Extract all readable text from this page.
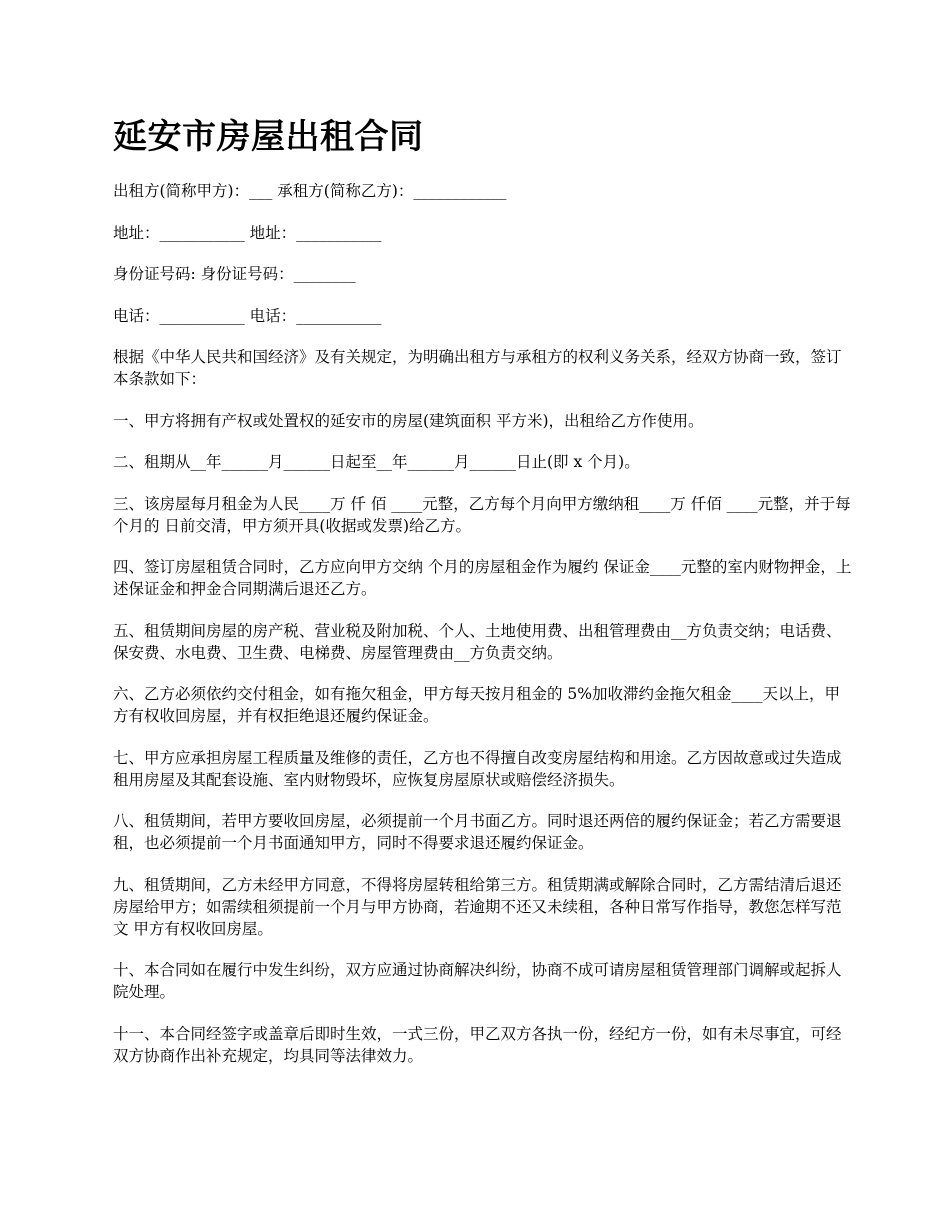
延安市房屋出租合同

出租方(简称甲方)：___ 承租方(简称乙方)：____________

地址：___________ 地址：___________

身份证号码: 身份证号码：________

电话：___________ 电话：___________

根据《中华人民共和国经济》及有关规定，为明确出租方与承租方的权利义务关系，经双方协商一致，签订本条款如下：

一、甲方将拥有产权或处置权的延安市的房屋(建筑面积 平方米)，出租给乙方作使用。

二、租期从__年______月______日起至__年______月______日止(即 x 个月)。

三、该房屋每月租金为人民____万 仟 佰 ____元整，乙方每个月向甲方缴纳租____万 仟佰 ____元整，并于每 个月的 日前交清，甲方须开具(收据或发票)给乙方。

四、签订房屋租赁合同时，乙方应向甲方交纳 个月的房屋租金作为履约 保证金____元整的室内财物押金，上述保证金和押金合同期满后退还乙方。

五、租赁期间房屋的房产税、营业税及附加税、个人、土地使用费、出租管理费由__方负责交纳；电话费、保安费、水电费、卫生费、电梯费、房屋管理费由__方负责交纳。

六、乙方必须依约交付租金，如有拖欠租金，甲方每天按月租金的 5%加收滞约金拖欠租金____天以上，甲方有权收回房屋，并有权拒绝退还履约保证金。

七、甲方应承担房屋工程质量及维修的责任，乙方也不得擅自改变房屋结构和用途。乙方因故意或过失造成租用房屋及其配套设施、室内财物毁坏，应恢复房屋原状或赔偿经济损失。

八、租赁期间，若甲方要收回房屋，必须提前一个月书面乙方。同时退还两倍的履约保证金；若乙方需要退租，也必须提前一个月书面通知甲方，同时不得要求退还履约保证金。

九、租赁期间，乙方未经甲方同意，不得将房屋转租给第三方。租赁期满或解除合同时，乙方需结清后退还房屋给甲方；如需续租须提前一个月与甲方协商，若逾期不还又未续租，各种日常写作指导，教您怎样写范文 甲方有权收回房屋。

十、本合同如在履行中发生纠纷，双方应通过协商解决纠纷，协商不成可请房屋租赁管理部门调解或起拆人院处理。

十一、本合同经签字或盖章后即时生效，一式三份，甲乙双方各执一份，经纪方一份，如有未尽事宜，可经双方协商作出补充规定，均具同等法律效力。
